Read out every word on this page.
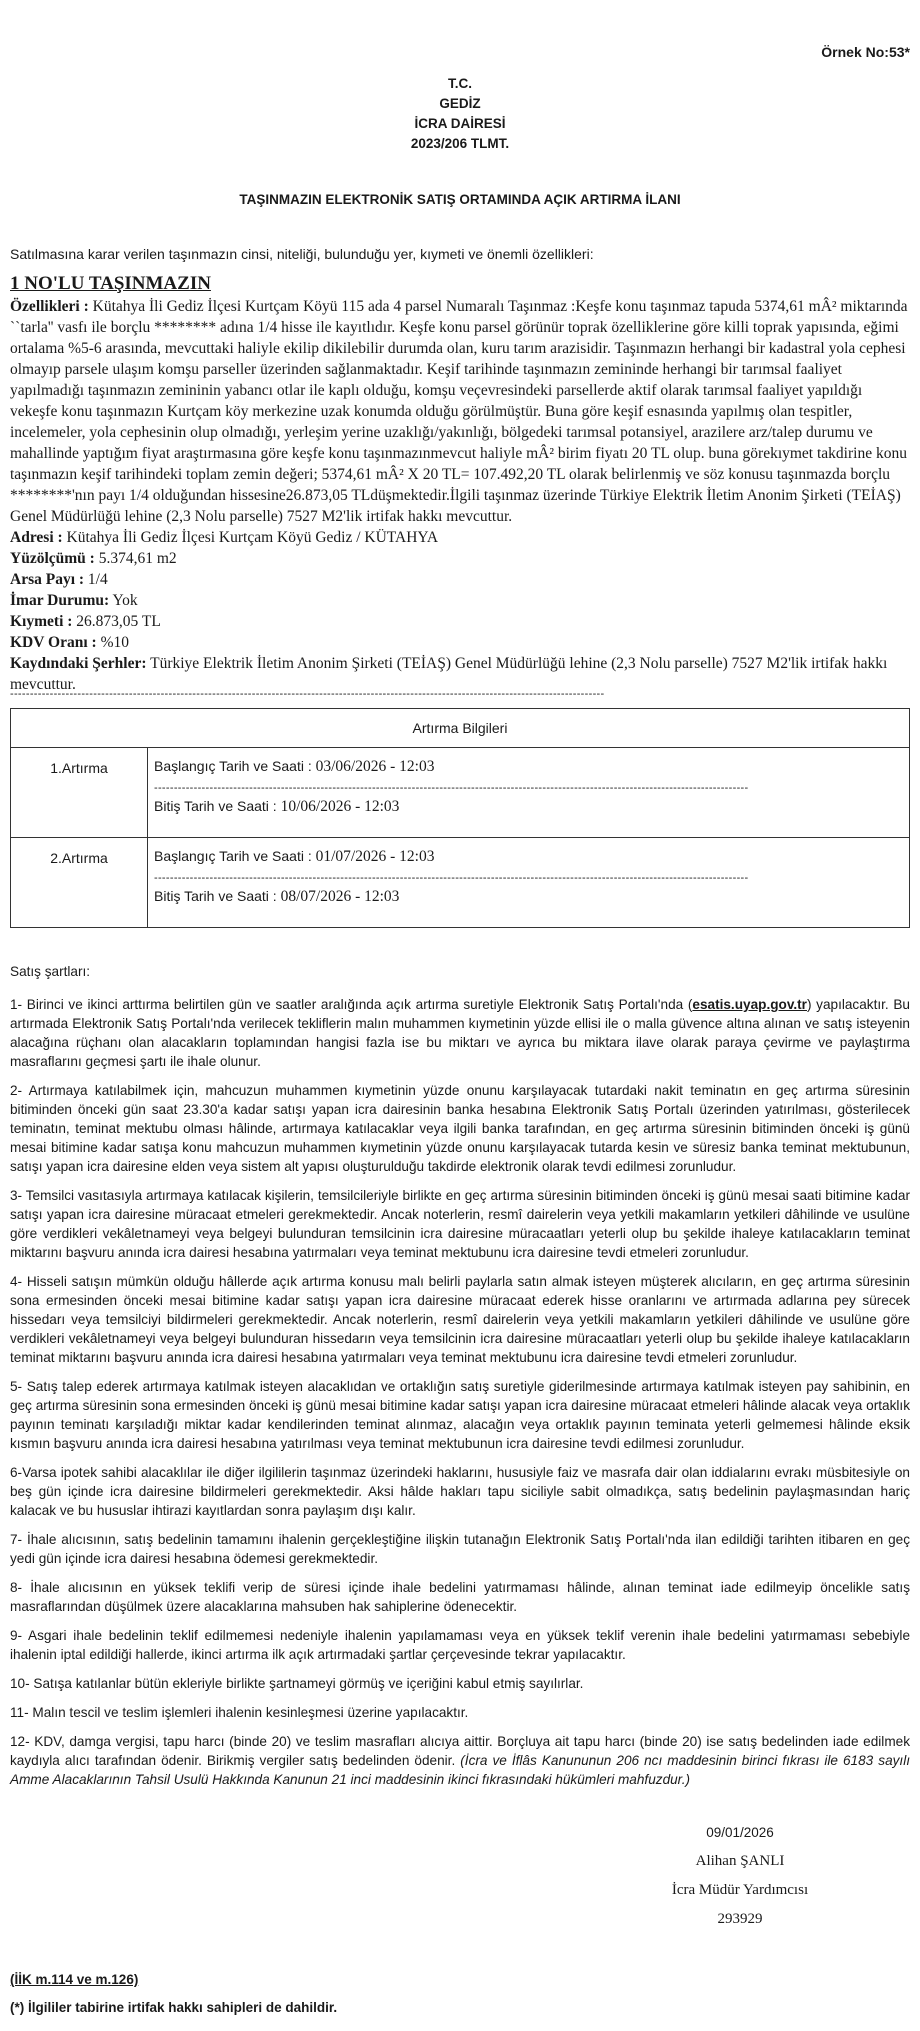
Örnek No:53*
T.C.
GEDİZ
İCRA DAİRESİ
2023/206 TLMT.
TAŞINMAZIN ELEKTRONİK SATIŞ ORTAMINDA AÇIK ARTIRMA İLANI
Satılmasına karar verilen taşınmazın cinsi, niteliği, bulunduğu yer, kıymeti ve önemli özellikleri:
1 NO'LU TAŞINMAZIN
Özellikleri : Kütahya İli Gediz İlçesi Kurtçam Köyü 115 ada 4 parsel Numaralı Taşınmaz :Keşfe konu taşınmaz tapuda 5374,61 mÂ² miktarında ``tarla'' vasfı ile borçlu ******** adına 1/4 hisse ile kayıtlıdır. Keşfe konu parsel görünür toprak özelliklerine göre killi toprak yapısında, eğimi ortalama %5-6 arasında, mevcuttaki haliyle ekilip dikilebilir durumda olan, kuru tarım arazisidir. Taşınmazın herhangi bir kadastral yola cephesi olmayıp parsele ulaşım komşu parseller üzerinden sağlanmaktadır. Keşif tarihinde taşınmazın zemininde herhangi bir tarımsal faaliyet yapılmadığı taşınmazın zemininin yabancı otlar ile kaplı olduğu, komşu veçevresindeki parsellerde aktif olarak tarımsal faaliyet yapıldığı vekeşfe konu taşınmazın Kurtçam köy merkezine uzak konumda olduğu görülmüştür. Buna göre keşif esnasında yapılmış olan tespitler, incelemeler, yola cephesinin olup olmadığı, yerleşim yerine uzaklığı/yakınlığı, bölgedeki tarımsal potansiyel, arazilere arz/talep durumu ve mahallinde yaptığım fiyat araştırmasına göre keşfe konu taşınmazınmevcut haliyle mÂ² birim fiyatı 20 TL olup. buna görekıymet takdirine konu taşınmazın keşif tarihindeki toplam zemin değeri; 5374,61 mÂ² X 20 TL= 107.492,20 TL olarak belirlenmiş ve söz konusu taşınmazda borçlu ********'nın payı 1/4 olduğundan hissesine26.873,05 TLdüşmektedir.İlgili taşınmaz üzerinde Türkiye Elektrik İletim Anonim Şirketi (TEİAŞ) Genel Müdürlüğü lehine (2,3 Nolu parselle) 7527 M2'lik irtifak hakkı mevcuttur.
Adresi : Kütahya İli Gediz İlçesi Kurtçam Köyü Gediz / KÜTAHYA
Yüzölçümü : 5.374,61 m2
Arsa Payı : 1/4
İmar Durumu: Yok
Kıymeti : 26.873,05 TL
KDV Oranı : %10
Kaydındaki Şerhler: Türkiye Elektrik İletim Anonim Şirketi (TEİAŞ) Genel Müdürlüğü lehine (2,3 Nolu parselle) 7527 M2'lik irtifak hakkı mevcuttur.
------------------------------------------------------------------------------------------------------------------------------------------------------
Artırma Bilgileri	
1.Artırma	Başlangıç Tarih ve Saati : 03/06/2026 - 12:03
------------------------------------------------------------------------------------------------------------------------------------------------------
Bitiş Tarih ve Saati : 10/06/2026 - 12:03

2.Artırma	Başlangıç Tarih ve Saati : 01/07/2026 - 12:03
------------------------------------------------------------------------------------------------------------------------------------------------------
Bitiş Tarih ve Saati : 08/07/2026 - 12:03

Satış şartları:

1- Birinci ve ikinci arttırma belirtilen gün ve saatler aralığında açık artırma suretiyle Elektronik Satış Portalı'nda (esatis.uyap.gov.tr) yapılacaktır. Bu artırmada Elektronik Satış Portalı'nda verilecek tekliflerin malın muhammen kıymetinin yüzde ellisi ile o malla güvence altına alınan ve satış isteyenin alacağına rüçhanı olan alacakların toplamından hangisi fazla ise bu miktarı ve ayrıca bu miktara ilave olarak paraya çevirme ve paylaştırma masraflarını geçmesi şartı ile ihale olunur.

2- Artırmaya katılabilmek için, mahcuzun muhammen kıymetinin yüzde onunu karşılayacak tutardaki nakit teminatın en geç artırma süresinin bitiminden önceki gün saat 23.30'a kadar satışı yapan icra dairesinin banka hesabına Elektronik Satış Portalı üzerinden yatırılması, gösterilecek teminatın, teminat mektubu olması hâlinde, artırmaya katılacaklar veya ilgili banka tarafından, en geç artırma süresinin bitiminden önceki iş günü mesai bitimine kadar satışa konu mahcuzun muhammen kıymetinin yüzde onunu karşılayacak tutarda kesin ve süresiz banka teminat mektubunun, satışı yapan icra dairesine elden veya sistem alt yapısı oluşturulduğu takdirde elektronik olarak tevdi edilmesi zorunludur.

3- Temsilci vasıtasıyla artırmaya katılacak kişilerin, temsilcileriyle birlikte en geç artırma süresinin bitiminden önceki iş günü mesai saati bitimine kadar satışı yapan icra dairesine müracaat etmeleri gerekmektedir. Ancak noterlerin, resmî dairelerin veya yetkili makamların yetkileri dâhilinde ve usulüne göre verdikleri vekâletnameyi veya belgeyi bulunduran temsilcinin icra dairesine müracaatları yeterli olup bu şekilde ihaleye katılacakların teminat miktarını başvuru anında icra dairesi hesabına yatırmaları veya teminat mektubunu icra dairesine tevdi etmeleri zorunludur.

4- Hisseli satışın mümkün olduğu hâllerde açık artırma konusu malı belirli paylarla satın almak isteyen müşterek alıcıların, en geç artırma süresinin sona ermesinden önceki mesai bitimine kadar satışı yapan icra dairesine müracaat ederek hisse oranlarını ve artırmada adlarına pey sürecek hissedarı veya temsilciyi bildirmeleri gerekmektedir. Ancak noterlerin, resmî dairelerin veya yetkili makamların yetkileri dâhilinde ve usulüne göre verdikleri vekâletnameyi veya belgeyi bulunduran hissedarın veya temsilcinin icra dairesine müracaatları yeterli olup bu şekilde ihaleye katılacakların teminat miktarını başvuru anında icra dairesi hesabına yatırmaları veya teminat mektubunu icra dairesine tevdi etmeleri zorunludur.

5- Satış talep ederek artırmaya katılmak isteyen alacaklıdan ve ortaklığın satış suretiyle giderilmesinde artırmaya katılmak isteyen pay sahibinin, en geç artırma süresinin sona ermesinden önceki iş günü mesai bitimine kadar satışı yapan icra dairesine müracaat etmeleri hâlinde alacak veya ortaklık payının teminatı karşıladığı miktar kadar kendilerinden teminat alınmaz, alacağın veya ortaklık payının teminata yeterli gelmemesi hâlinde eksik kısmın başvuru anında icra dairesi hesabına yatırılması veya teminat mektubunun icra dairesine tevdi edilmesi zorunludur.

6-Varsa ipotek sahibi alacaklılar ile diğer ilgililerin taşınmaz üzerindeki haklarını, hususiyle faiz ve masrafa dair olan iddialarını evrakı müsbitesiyle on beş gün içinde icra dairesine bildirmeleri gerekmektedir. Aksi hâlde hakları tapu siciliyle sabit olmadıkça, satış bedelinin paylaşmasından hariç kalacak ve bu hususlar ihtirazi kayıtlardan sonra paylaşım dışı kalır.

7- İhale alıcısının, satış bedelinin tamamını ihalenin gerçekleştiğine ilişkin tutanağın Elektronik Satış Portalı'nda ilan edildiği tarihten itibaren en geç yedi gün içinde icra dairesi hesabına ödemesi gerekmektedir.

8- İhale alıcısının en yüksek teklifi verip de süresi içinde ihale bedelini yatırmaması hâlinde, alınan teminat iade edilmeyip öncelikle satış masraflarından düşülmek üzere alacaklarına mahsuben hak sahiplerine ödenecektir.

9- Asgari ihale bedelinin teklif edilmemesi nedeniyle ihalenin yapılamaması veya en yüksek teklif verenin ihale bedelini yatırmaması sebebiyle ihalenin iptal edildiği hallerde, ikinci artırma ilk açık artırmadaki şartlar çerçevesinde tekrar yapılacaktır.

10- Satışa katılanlar bütün ekleriyle birlikte şartnameyi görmüş ve içeriğini kabul etmiş sayılırlar.

11- Malın tescil ve teslim işlemleri ihalenin kesinleşmesi üzerine yapılacaktır.

12- KDV, damga vergisi, tapu harcı (binde 20) ve teslim masrafları alıcıya aittir. Borçluya ait tapu harcı (binde 20) ise satış bedelinden iade edilmek kaydıyla alıcı tarafından ödenir. Birikmiş vergiler satış bedelinden ödenir. (İcra ve İflâs Kanununun 206 ncı maddesinin birinci fıkrası ile 6183 sayılı Amme Alacaklarının Tahsil Usulü Hakkında Kanunun 21 inci maddesinin ikinci fıkrasındaki hükümleri mahfuzdur.)

09/01/2026
Alihan ŞANLI
İcra Müdür Yardımcısı
293929
(İİK m.114 ve m.126)
(*) İlgililer tabirine irtifak hakkı sahipleri de dahildir.
